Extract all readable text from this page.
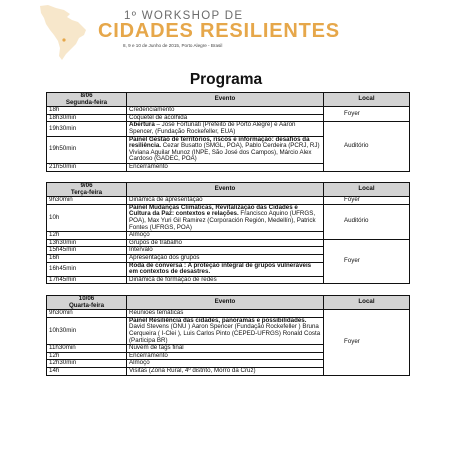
1º WORKSHOP DE
CIDADES RESILIENTES
8, 9 e 10 de Junho de 2015, Porto Alegre - Brasil
Programa
8/06
Segunda-feira	Evento	Local
18h	Credenciamento	Foyer
18h30min	Coquetel de acolhida	
19h30min	Abertura – José Fortunati (Prefeito de Porto Alegre) e Aaron Spencer, (Fundação Rockefeller, EUA)	Auditório
19h50min	Painel Gestão de territórios, riscos e informação: desafios da resiliência. Cezar Busatto (SMGL, POA), Pablo Cerdeira (PCRJ, RJ) Viviana Aguilar Munoz (INPE, São José dos Campos), Márcio Alex Cardoso (GADEC, POA)	
21h50min	Encerramento	
9/06
Terça-feira	Evento	Local
9h30min	Dinâmica de apresentação	Foyer
10h	Painel Mudanças Climáticas, Revitalização das Cidades e Cultura da Paz: contextos e relações. Francisco Aquino (UFRGS, POA), Max Yuri Gil Ramirez (Corporación Región, Medellín), Patrick Fontes (UFRGS, POA)	Auditório
12h	Almoço	
13h30min	Grupos de trabalho	Foyer
15h45min	Intervalo	
16h	Apresentação dos grupos	
16h45min	Roda de conversa : A proteção integral de grupos vulneráveis em contextos de desastres.	
17h45min	Dinâmica de formação de redes	
10/06
Quarta-feira	Evento	Local
9h30min	Reuniões temáticas	Foyer
10h30min	Painel Resiliência das cidades, panoramas e possibilidades. David Stevens (ONU ) Aaron Spencer (Fundação Rockefeller ) Bruna Cerqueira ( I-Clei ), Luis Carlos Pinto (CEPED-UFRGS) Ronald Costa (Participa BR)	
11h30min	Nuvem de tags final	
12h	Encerramento	
12h30min	Almoço	
14h	Visitas (Zona Rural, 4º distrito, Morro da Cruz)	
